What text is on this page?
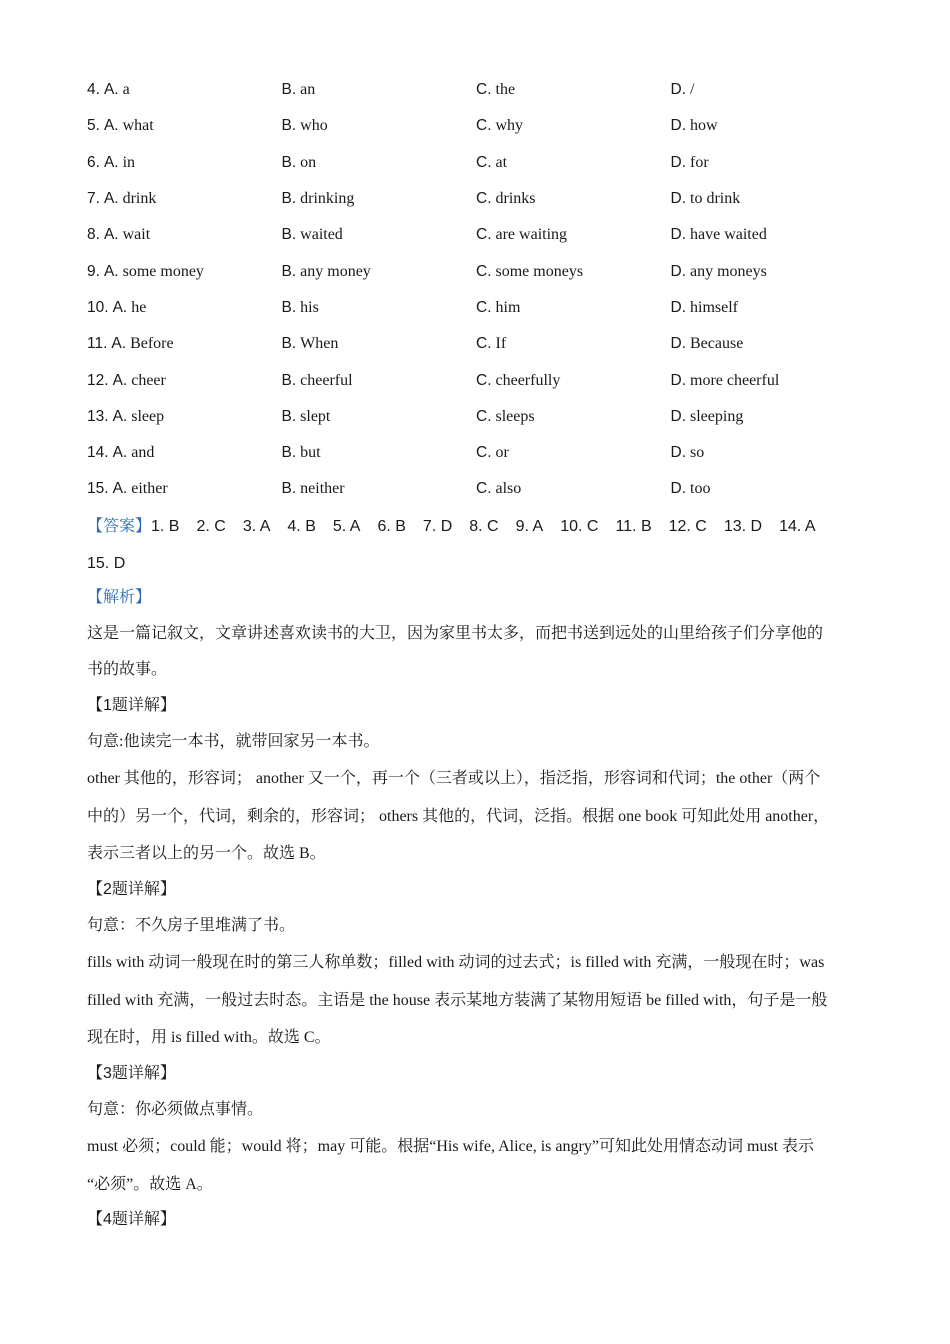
4. A. a	B. an	C. the	D. /
5. A. what	B. who	C. why	D. how
6. A. in	B. on	C. at	D. for
7. A. drink	B. drinking	C. drinks	D. to drink
8. A. wait	B. waited	C. are waiting	D. have waited
9. A. some money	B. any money	C. some moneys	D. any moneys
10. A. he	B. his	C. him	D. himself
11. A. Before	B. When	C. If	D. Because
12. A. cheer	B. cheerful	C. cheerfully	D. more cheerful
13. A. sleep	B. slept	C. sleeps	D. sleeping
14. A. and	B. but	C. or	D. so
15. A. either	B. neither	C. also	D. too
【答案】1. B 2. C 3. A 4. B 5. A 6. B 7. D 8. C 9. A 10. C 11. B 12. C 13. D 14. A
15. D

【解析】

这是一篇记叙文，文章讲述喜欢读书的大卫，因为家里书太多，而把书送到远处的山里给孩子们分享他的

书的故事。

【1题详解】

句意:他读完一本书，就带回家另一本书。

other 其他的，形容词； another 又一个，再一个（三者或以上），指泛指，形容词和代词；the other（两个

中的）另一个，代词，剩余的，形容词； others 其他的，代词，泛指。根据 one book 可知此处用 another，

表示三者以上的另一个。故选 B。

【2题详解】

句意：不久房子里堆满了书。

fills with 动词一般现在时的第三人称单数；filled with 动词的过去式；is filled with 充满，一般现在时；was

filled with 充满，一般过去时态。主语是 the house 表示某地方装满了某物用短语 be filled with，句子是一般

现在时，用 is filled with。故选 C。

【3题详解】

句意：你必须做点事情。

must 必须；could 能；would 将；may 可能。根据“His wife, Alice, is angry”可知此处用情态动词 must 表示

“必须”。故选 A。

【4题详解】
